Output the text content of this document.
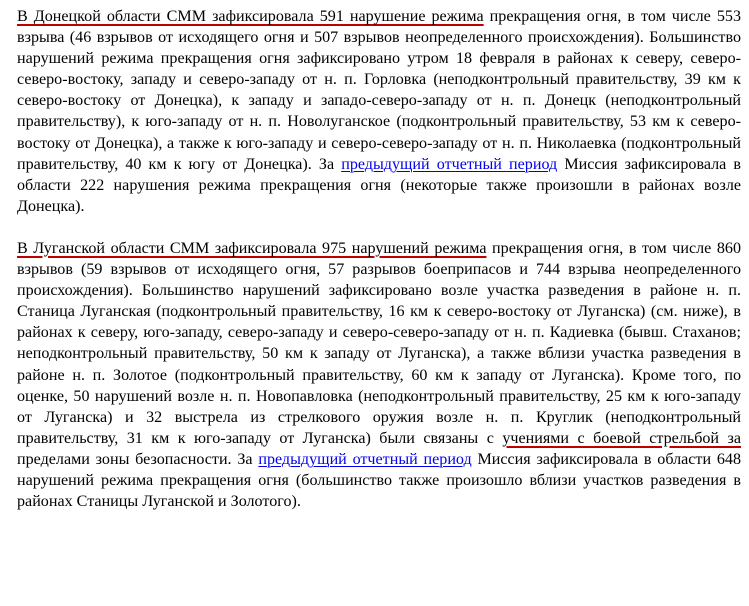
В Донецкой области СММ зафиксировала 591 нарушение режима прекращения огня, в том числе 553 взрыва (46 взрывов от исходящего огня и 507 взрывов неопределенного происхождения). Большинство нарушений режима прекращения огня зафиксировано утром 18 февраля в районах к северу, северо-северо-востоку, западу и северо-западу от н. п. Горловка (неподконтрольный правительству, 39 км к северо-востоку от Донецка), к западу и западо-северо-западу от н. п. Донецк (неподконтрольный правительству), к юго-западу от н. п. Новолуганское (подконтрольный правительству, 53 км к северо-востоку от Донецка), а также к юго-западу и северо-северо-западу от н. п. Николаевка (подконтрольный правительству, 40 км к югу от Донецка). За предыдущий отчетный период Миссия зафиксировала в области 222 нарушения режима прекращения огня (некоторые также произошли в районах возле Донецка).

В Луганской области СММ зафиксировала 975 нарушений режима прекращения огня, в том числе 860 взрывов (59 взрывов от исходящего огня, 57 разрывов боеприпасов и 744 взрыва неопределенного происхождения). Большинство нарушений зафиксировано возле участка разведения в районе н. п. Станица Луганская (подконтрольный правительству, 16 км к северо-востоку от Луганска) (см. ниже), в районах к северу, юго-западу, северо-западу и северо-северо-западу от н. п. Кадиевка (бывш. Стаханов; неподконтрольный правительству, 50 км к западу от Луганска), а также вблизи участка разведения в районе н. п. Золотое (подконтрольный правительству, 60 км к западу от Луганска). Кроме того, по оценке, 50 нарушений возле н. п. Новопавловка (неподконтрольный правительству, 25 км к юго-западу от Луганска) и 32 выстрела из стрелкового оружия возле н. п. Круглик (неподконтрольный правительству, 31 км к юго-западу от Луганска) были связаны с учениями с боевой стрельбой за пределами зоны безопасности. За предыдущий отчетный период Миссия зафиксировала в области 648 нарушений режима прекращения огня (большинство также произошло вблизи участков разведения в районах Станицы Луганской и Золотого).
